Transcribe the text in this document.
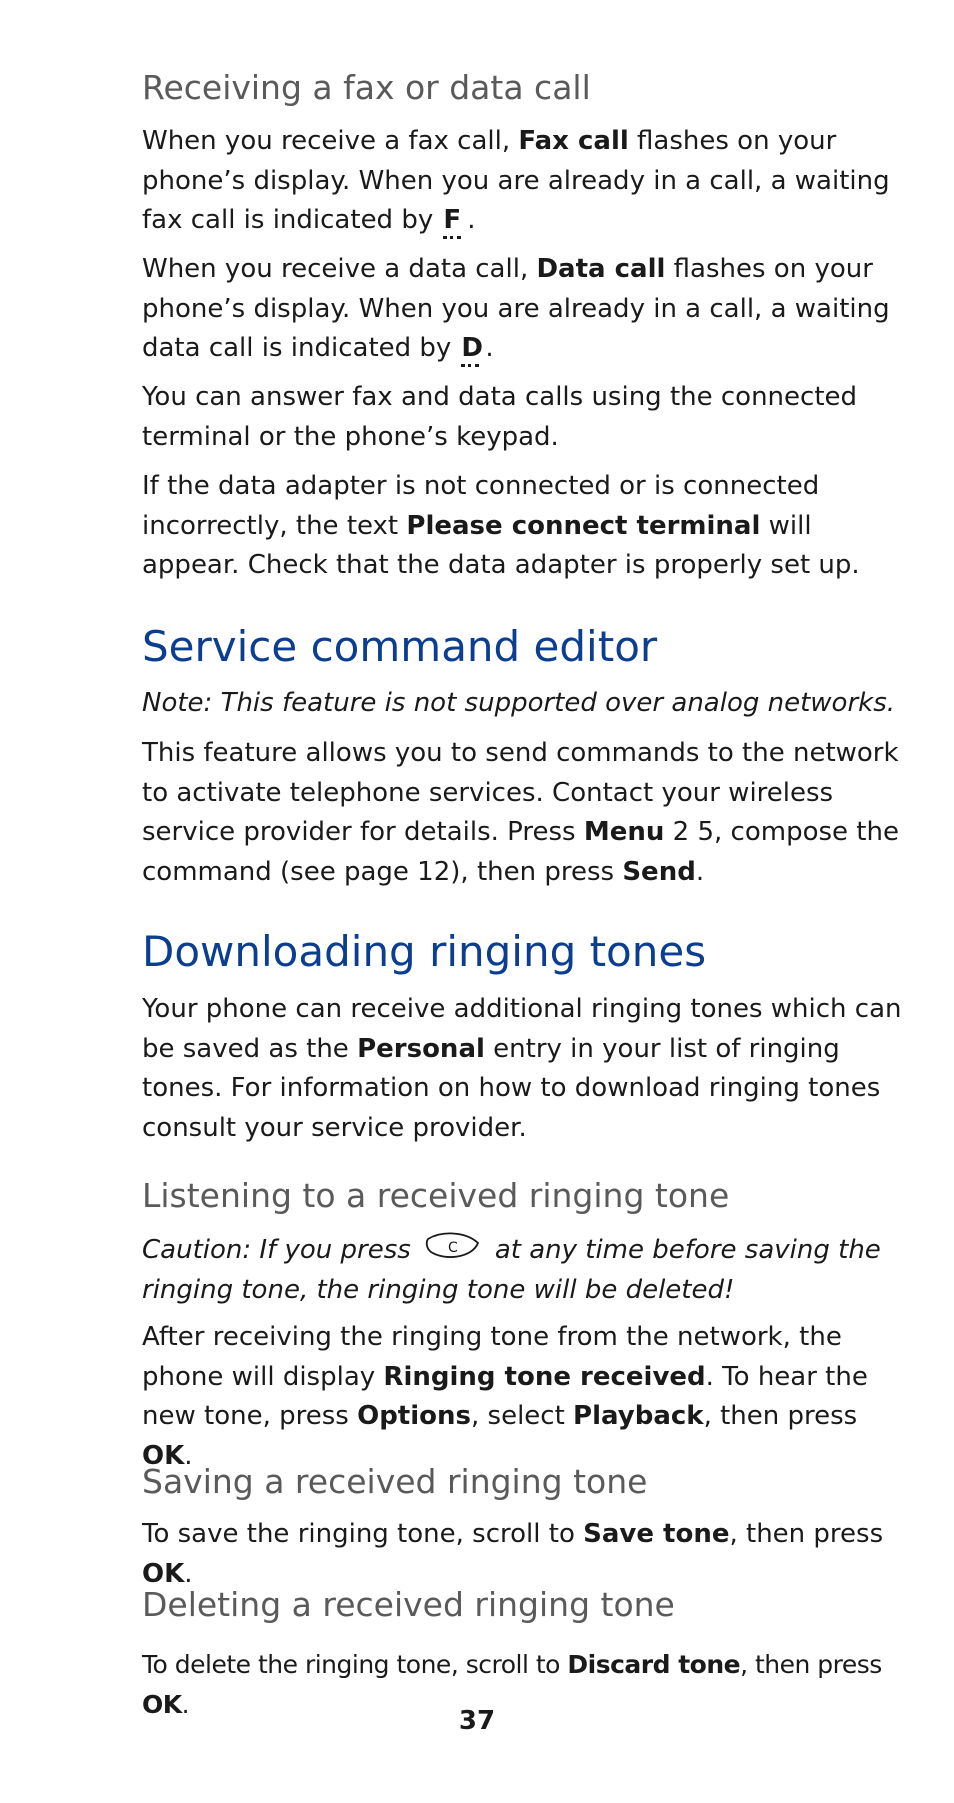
Receiving a fax or data call

When you receive a fax call, Fax call flashes on your phone’s display. When you are already in a call, a waiting fax call is indicated by F .

When you receive a data call, Data call flashes on your phone’s display. When you are already in a call, a waiting data call is indicated by D.

You can answer fax and data calls using the connected terminal or the phone’s keypad.

If the data adapter is not connected or is connected incorrectly, the text Please connect terminal will appear. Check that the data adapter is properly set up.

Service command editor

Note: This feature is not supported over analog networks.

This feature allows you to send commands to the network to activate telephone services. Contact your wireless service provider for details. Press Menu 2 5, compose the command (see page 12), then press Send.

Downloading ringing tones

Your phone can receive additional ringing tones which can be saved as the Personal entry in your list of ringing tones. For information on how to download ringing tones consult your service provider.

Listening to a received ringing tone

Caution: If you press	C at any time before saving the ringing tone, the ringing tone will be deleted!

After receiving the ringing tone from the network, the phone will display Ringing tone received. To hear the new tone, press Options, select Playback, then press OK.

Saving a received ringing tone

To save the ringing tone, scroll to Save tone, then press OK.

Deleting a received ringing tone

To delete the ringing tone, scroll to Discard tone, then press OK.

37
